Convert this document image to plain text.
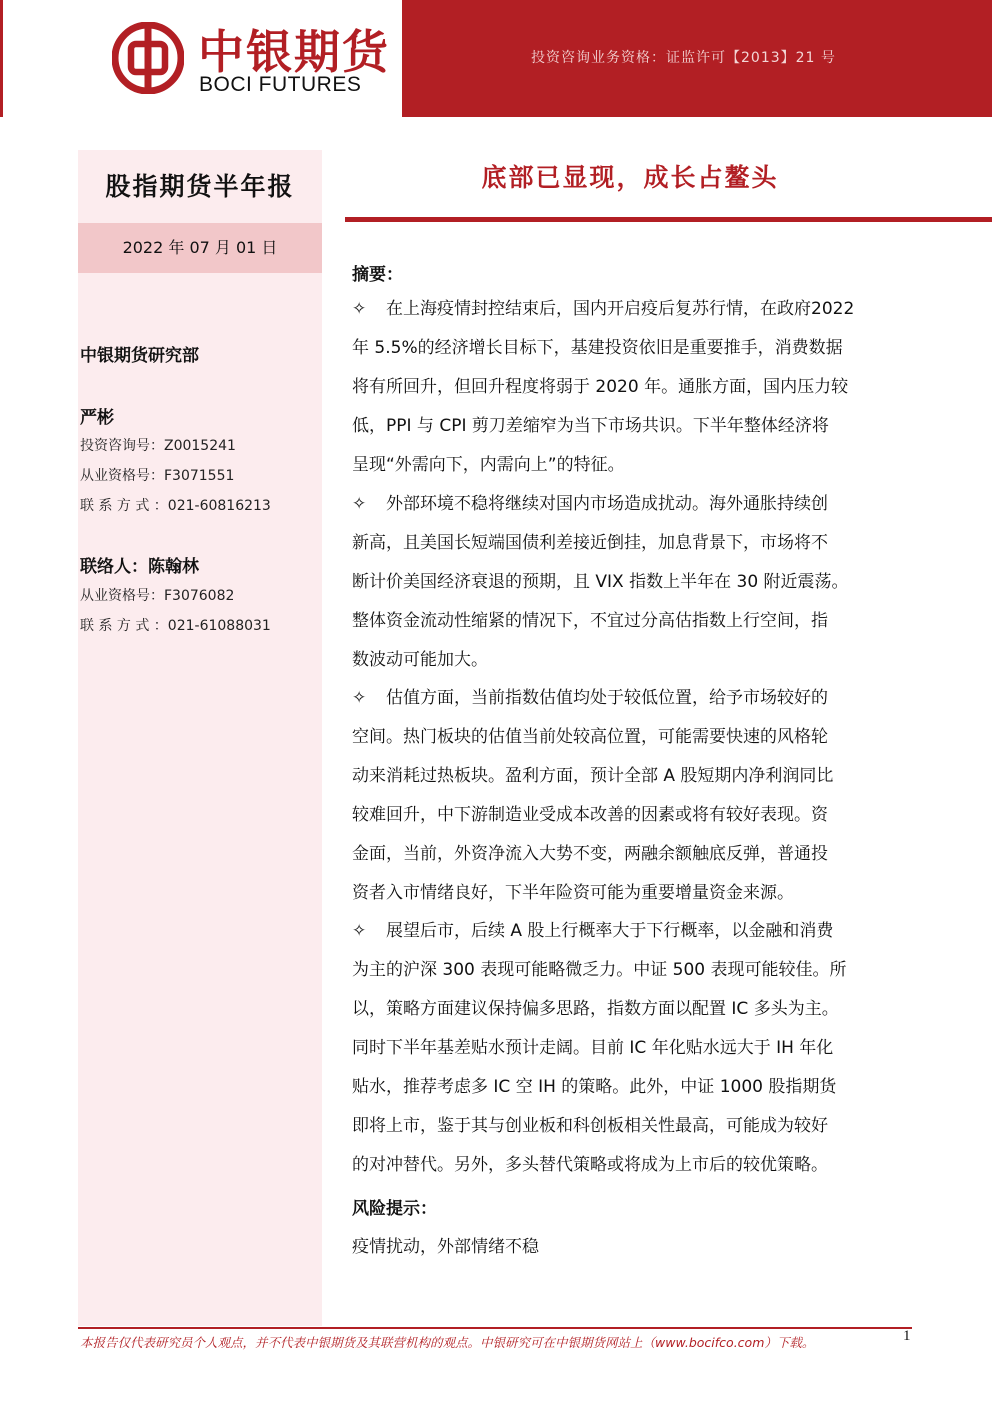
中银期货
BOCI FUTURES
投资咨询业务资格：证监许可【2013】21 号
股指期货半年报
2022 年 07 月 01 日
中银期货研究部
严彬
投资咨询号：Z0015241
从业资格号：F3071551
联 系 方 式 ：021-60816213
联络人：陈翰林
从业资格号：F3076082
联 系 方 式 ：021-61088031
底部已显现，成长占鳌头
摘要：
✧ 在上海疫情封控结束后，国内开启疫后复苏行情，在政府2022
年 5.5%的经济增长目标下，基建投资依旧是重要推手，消费数据
将有所回升，但回升程度将弱于 2020 年。通胀方面，国内压力较
低，PPI 与 CPI 剪刀差缩窄为当下市场共识。下半年整体经济将
呈现“外需向下，内需向上”的特征。
✧ 外部环境不稳将继续对国内市场造成扰动。海外通胀持续创
新高，且美国长短端国债利差接近倒挂，加息背景下，市场将不
断计价美国经济衰退的预期，且 VIX 指数上半年在 30 附近震荡。
整体资金流动性缩紧的情况下，不宜过分高估指数上行空间，指
数波动可能加大。
✧ 估值方面，当前指数估值均处于较低位置，给予市场较好的
空间。热门板块的估值当前处较高位置，可能需要快速的风格轮
动来消耗过热板块。盈利方面，预计全部 A 股短期内净利润同比
较难回升，中下游制造业受成本改善的因素或将有较好表现。资
金面，当前，外资净流入大势不变，两融余额触底反弹，普通投
资者入市情绪良好，下半年险资可能为重要增量资金来源。
✧ 展望后市，后续 A 股上行概率大于下行概率，以金融和消费
为主的沪深 300 表现可能略微乏力。中证 500 表现可能较佳。所
以，策略方面建议保持偏多思路，指数方面以配置 IC 多头为主。
同时下半年基差贴水预计走阔。目前 IC 年化贴水远大于 IH 年化
贴水，推荐考虑多 IC 空 IH 的策略。此外，中证 1000 股指期货
即将上市，鉴于其与创业板和科创板相关性最高，可能成为较好
的对冲替代。另外，多头替代策略或将成为上市后的较优策略。
风险提示：
疫情扰动，外部情绪不稳
本报告仅代表研究员个人观点，并不代表中银期货及其联营机构的观点。中银研究可在中银期货网站上（www.bocifco.com）下载。	1
